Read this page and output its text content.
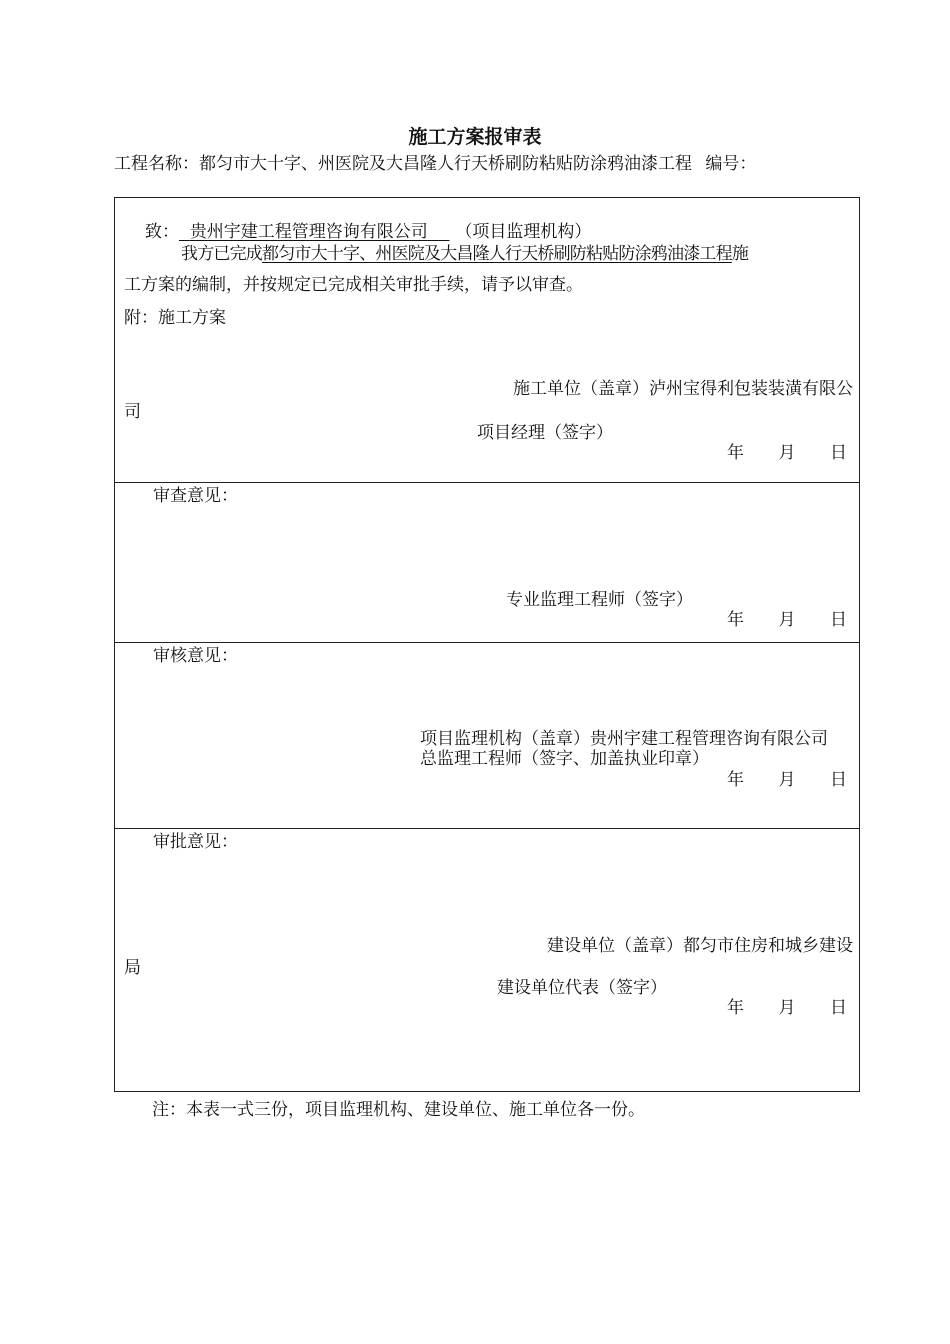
施工方案报审表
工程名称：都匀市大十字、州医院及大昌隆人行天桥刷防粘贴防涂鸦油漆工程 编号：
致： 贵州宇建工程管理咨询有限公司 （项目监理机构）
我方已完成都匀市大十字、州医院及大昌隆人行天桥刷防粘贴防涂鸦油漆工程施
工方案的编制，并按规定已完成相关审批手续，请予以审查。
附：施工方案
施工单位（盖章）泸州宝得利包装装潢有限公
司
项目经理（签字）
年 月 日
审查意见：
专业监理工程师（签字）
年 月 日
审核意见：
项目监理机构（盖章）贵州宇建工程管理咨询有限公司
总监理工程师（签字、加盖执业印章）
年 月 日
审批意见：
建设单位（盖章）都匀市住房和城乡建设
局
建设单位代表（签字）
年 月 日
注：本表一式三份，项目监理机构、建设单位、施工单位各一份。
